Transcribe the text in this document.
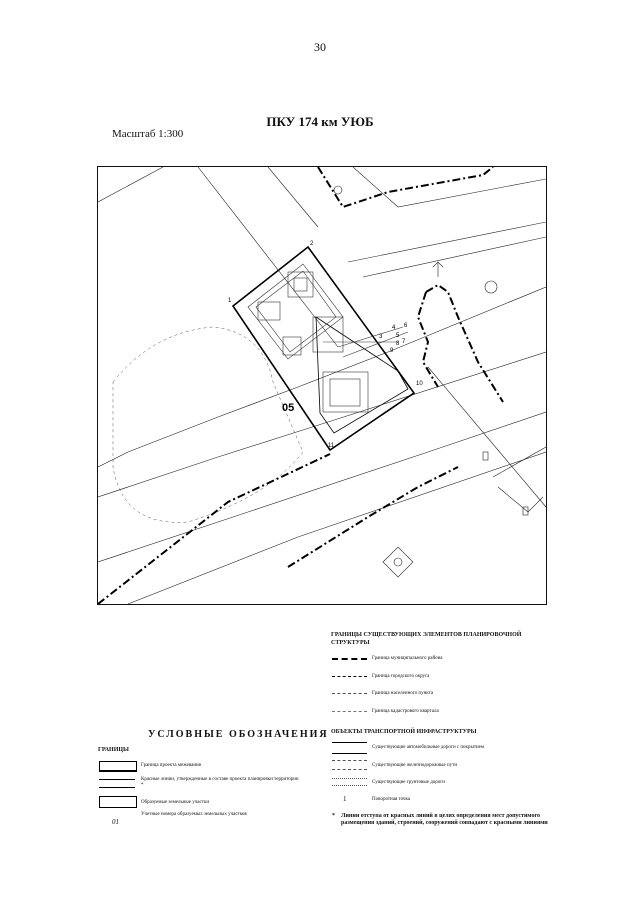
30
ПКУ 174 км УЮБ
Масштаб 1:300
1
2
3
4
5
6
7
8
9
10
11
05
ГРАНИЦЫ СУЩЕСТВУЮЩИХ ЭЛЕМЕНТОВ ПЛАНИРОВОЧНОЙ СТРУКТУРЫ
Граница муниципального района
Граница городского округа
Граница населенного пункта
Граница кадастрового квартала
УСЛОВНЫЕ ОБОЗНАЧЕНИЯ
ГРАНИЦЫ
Граница проекта межевания
Красные линии, утвержденные в составе проекта планировки территории *
Образуемые земельные участки
01
Учетные номера образуемых земельных участков
ОБЪЕКТЫ ТРАНСПОРТНОЙ ИНФРАСТРУКТУРЫ
Существующие автомобильные дороги с покрытием
Существующие железнодорожные пути
Существующие грунтовые дороги
1	Поворотная точка
* Линии отступа от красных линий в целях определения мест допустимого размещения зданий, строений, сооружений совпадают с красными линиями
